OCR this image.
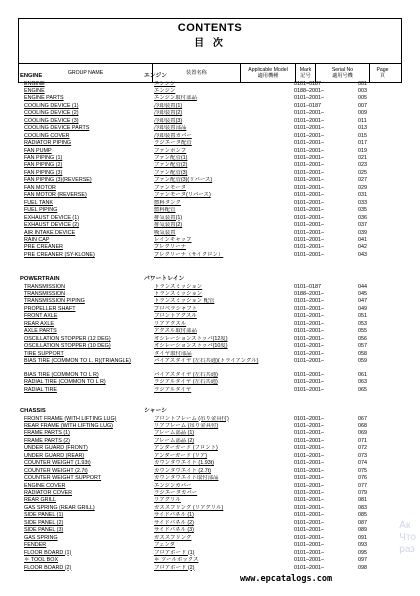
CONTENTS
目 次
GROUP NAME	装置名称	Applicable Model
適用機種
Mark
記号
Serial No
適用号機
Page
頁
ENGINE	エンジン
ENGINE	エンジン	0101–0187	001
ENGINE	エンジン	0188–2001–	003
ENGINE PARTS	エンジン取付部品	0101–2001–	005
COOLING DEVICE (1)	冷却装置(1)	0101–0187	007
COOLING DEVICE (2)	冷却装置(2)	0101–2001–	009
COOLING DEVICE (3)	冷却装置(3)	0101–2001–	011
COOLING DEVICE PARTS	冷却装置部品	0101–2001–	013
COOLING COVER	冷却装置カバー	0101–2001–	015
RADIATOR PIPING	ラジエータ配管	0101–2001–	017
FAN PUMP	ファンポンプ	0101–2001–	019
FAN PIPING (1)	ファン配管(1)	0101–2001–	021
FAN PIPING (2)	ファン配管(2)	0101–2001–	023
FAN PIPING (3)	ファン配管(3)	0101–2001–	025
FAN PIPING (3)(REVERSE)	ファン配管(3)(リバース)	0101–2001–	027
FAN MOTOR	ファンモータ	0101–2001–	029
FAN MOTOR (REVERSE)	ファンモータ(リバース)	0101–2001–	031
FUEL TANK	燃料タンク	0101–2001–	033
FUEL PIPING	燃料配管	0101–2001–	035
EXHAUST DEVICE (1)	排気装置(1)	0101–2001–	036
EXHAUST DEVICE (2)	排気装置(2)	0101–2001–	037
AIR INTAKE DEVICE	吸気装置	0101–2001–	039
RAIN CAP	レインキャップ	0101–2001–	041
PRE CREANER	プレクリーナ	0101–2001–	042
PRE CREANER (SY-KLONE)	プレクリーナ（サイクロン）	0101–2001–	043
POWERTRAIN	パワートレイン
TRANSMISSION	トランスミッション	0101–0187	044
TRANSMISSION	トランスミッション	0188–2001–	045
TRANSMISSION PIPING	トランスミッション 配管	0101–2001–	047
PROPELLER SHAFT	プロペラシャフト	0101–2001–	049
FRONT AXLE	フロントアクスル	0101–2001–	051
REAR AXLE	リアアクスル	0101–2001–	053
AXLE PARTS	アクスル取付部品	0101–2001–	055
OSCILLATION STOPPER (12 DEG)	オシレーションストッパ(12度)	0101–2001–	056
OSCILLATION STOPPER (10 DEG)	オシレーションストッパ(10度)	0101–2001–	057
TIRE SUPPORT	タイヤ取付部品	0101–2001–	058
BIAS TIRE (COMMON TO L. R)(TRIANGLE)	バイアスタイヤ (左右共通)(トライアングル)	0101–2001–	059
BIAS TIRE (COMMON TO L R)	バイアスタイヤ (左右共通)	0101–2001–	061
RADIAL TIRE (COMMON TO L R)	ラジアルタイヤ (左右共通)	0101–2001–	063
RADIAL TIRE	ラジアルタイヤ	0101–2001–	065
CHASSIS	シャーシ
FRONT FRAME (WITH LIFTING LUG)	フロントフレーム (吊り金具付)	0101–2001–	067
REAR FRAME (WITH LIFTING LUG)	リアフレーム (吊り金具付)	0101–2001–	068
FRAME PARTS (1)	フレーム部品 (1)	0101–2001–	069
FRAME PARTS (2)	フレーム部品 (2)	0101–2001–	071
UNDER GUARD (FRONT)	アンダーガード (フロント)	0101–2001–	072
UNDER GUARD (REAR)	アンダーガード (リア)	0101–2001–	073
COUNTER WEIGHT (1.93t)	カウンタウエイト (1.93t)	0101–2001–	074
COUNTER WEIGHT (2.7t)	カウンタウエイト (2.7t)	0101–2001–	075
COUNTER WEIGHT SUPPORT	カウンタウエイト取付部品	0101–2001–	076
ENGINE COVER	エンジンカバー	0101–2001–	077
RADIATOR COVER	ラジエータカバー	0101–2001–	079
REAR GRILL	リアグリル	0101–2001–	081
GAS SPRING (REAR GRILL)	ガススプリング (リアグリル)	0101–2001–	083
SIDE PANEL (1)	サイドパネル (1)	0101–2001–	085
SIDE PANEL (2)	サイドパネル (2)	0101–2001–	087
SIDE PANEL (3)	サイドパネル (3)	0101–2001–	089
GAS SPRING	ガススプリング	0101–2001–	091
FENDER	フェンダ	0101–2001–	093
FLOOR BOARD (1)	フロアボード (1)	0101–2001–	095
＊ TOOL BOX	＊ ツールボックス	0101–2001–	097
FLOOR BOARD (2)	フロアボード (2)	0101–2001–	098
Ак
Что
раз
www.epcatalogs.com
